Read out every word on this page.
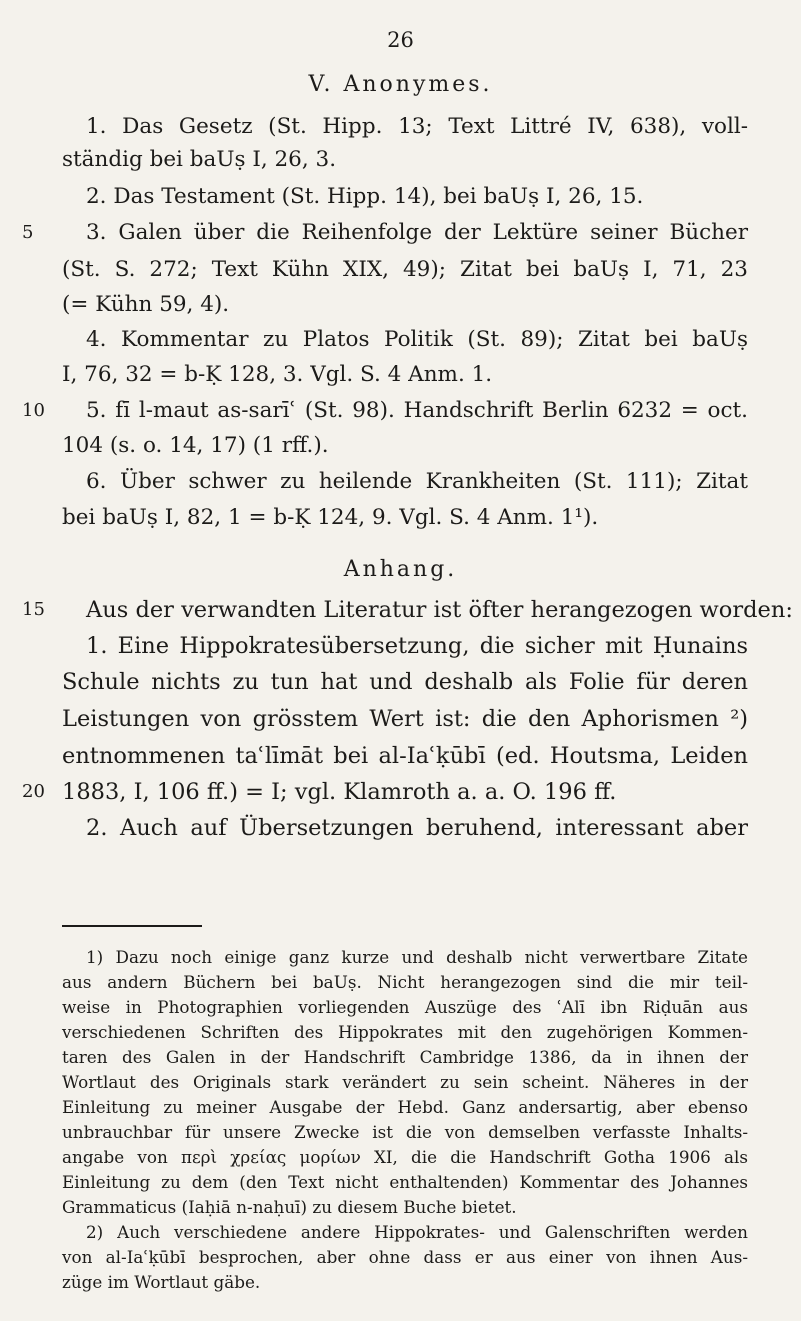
26
V. Anonymes.
1. Das Gesetz (St. Hipp. 13; Text Littré IV, 638), voll-
ständig bei baUṣ I, 26, 3.
2. Das Testament (St. Hipp. 14), bei baUṣ I, 26, 15.
5 3. Galen über die Reihenfolge der Lektüre seiner Bücher
(St. S. 272; Text Kühn XIX, 49); Zitat bei baUṣ I, 71, 23
(= Kühn 59, 4).
4. Kommentar zu Platos Politik (St. 89); Zitat bei baUṣ
I, 76, 32 = b-Ḳ 128, 3. Vgl. S. 4 Anm. 1.
10 5. fī l-maut as-sarīʿ (St. 98). Handschrift Berlin 6232 = oct.
104 (s. o. 14, 17) (1 rff.).
6. Über schwer zu heilende Krankheiten (St. 111); Zitat
bei baUṣ I, 82, 1 = b-Ḳ 124, 9. Vgl. S. 4 Anm. 1¹).
Anhang.
15 Aus der verwandten Literatur ist öfter herangezogen worden:
1. Eine Hippokratesübersetzung, die sicher mit Ḥunains
Schule nichts zu tun hat und deshalb als Folie für deren
Leistungen von grösstem Wert ist: die den Aphorismen ²)
entnommenen taʿlīmāt bei al-Iaʿḳūbī (ed. Houtsma, Leiden
20 1883, I, 106 ff.) = I; vgl. Klamroth a. a. O. 196 ff.
2. Auch auf Übersetzungen beruhend, interessant aber
1) Dazu noch einige ganz kurze und deshalb nicht verwertbare Zitate
aus andern Büchern bei baUṣ. Nicht herangezogen sind die mir teil-
weise in Photographien vorliegenden Auszüge des ʿAlī ibn Riḍuān aus
verschiedenen Schriften des Hippokrates mit den zugehörigen Kommen-
taren des Galen in der Handschrift Cambridge 1386, da in ihnen der
Wortlaut des Originals stark verändert zu sein scheint. Näheres in der
Einleitung zu meiner Ausgabe der Hebd. Ganz andersartig, aber ebenso
unbrauchbar für unsere Zwecke ist die von demselben verfasste Inhalts-
angabe von περὶ χρείας μορίων XI, die die Handschrift Gotha 1906 als
Einleitung zu dem (den Text nicht enthaltenden) Kommentar des Johannes
Grammaticus (Iaḥiā n-naḥuī) zu diesem Buche bietet.
2) Auch verschiedene andere Hippokrates- und Galenschriften werden
von al-Iaʿḳūbī besprochen, aber ohne dass er aus einer von ihnen Aus-
züge im Wortlaut gäbe.
